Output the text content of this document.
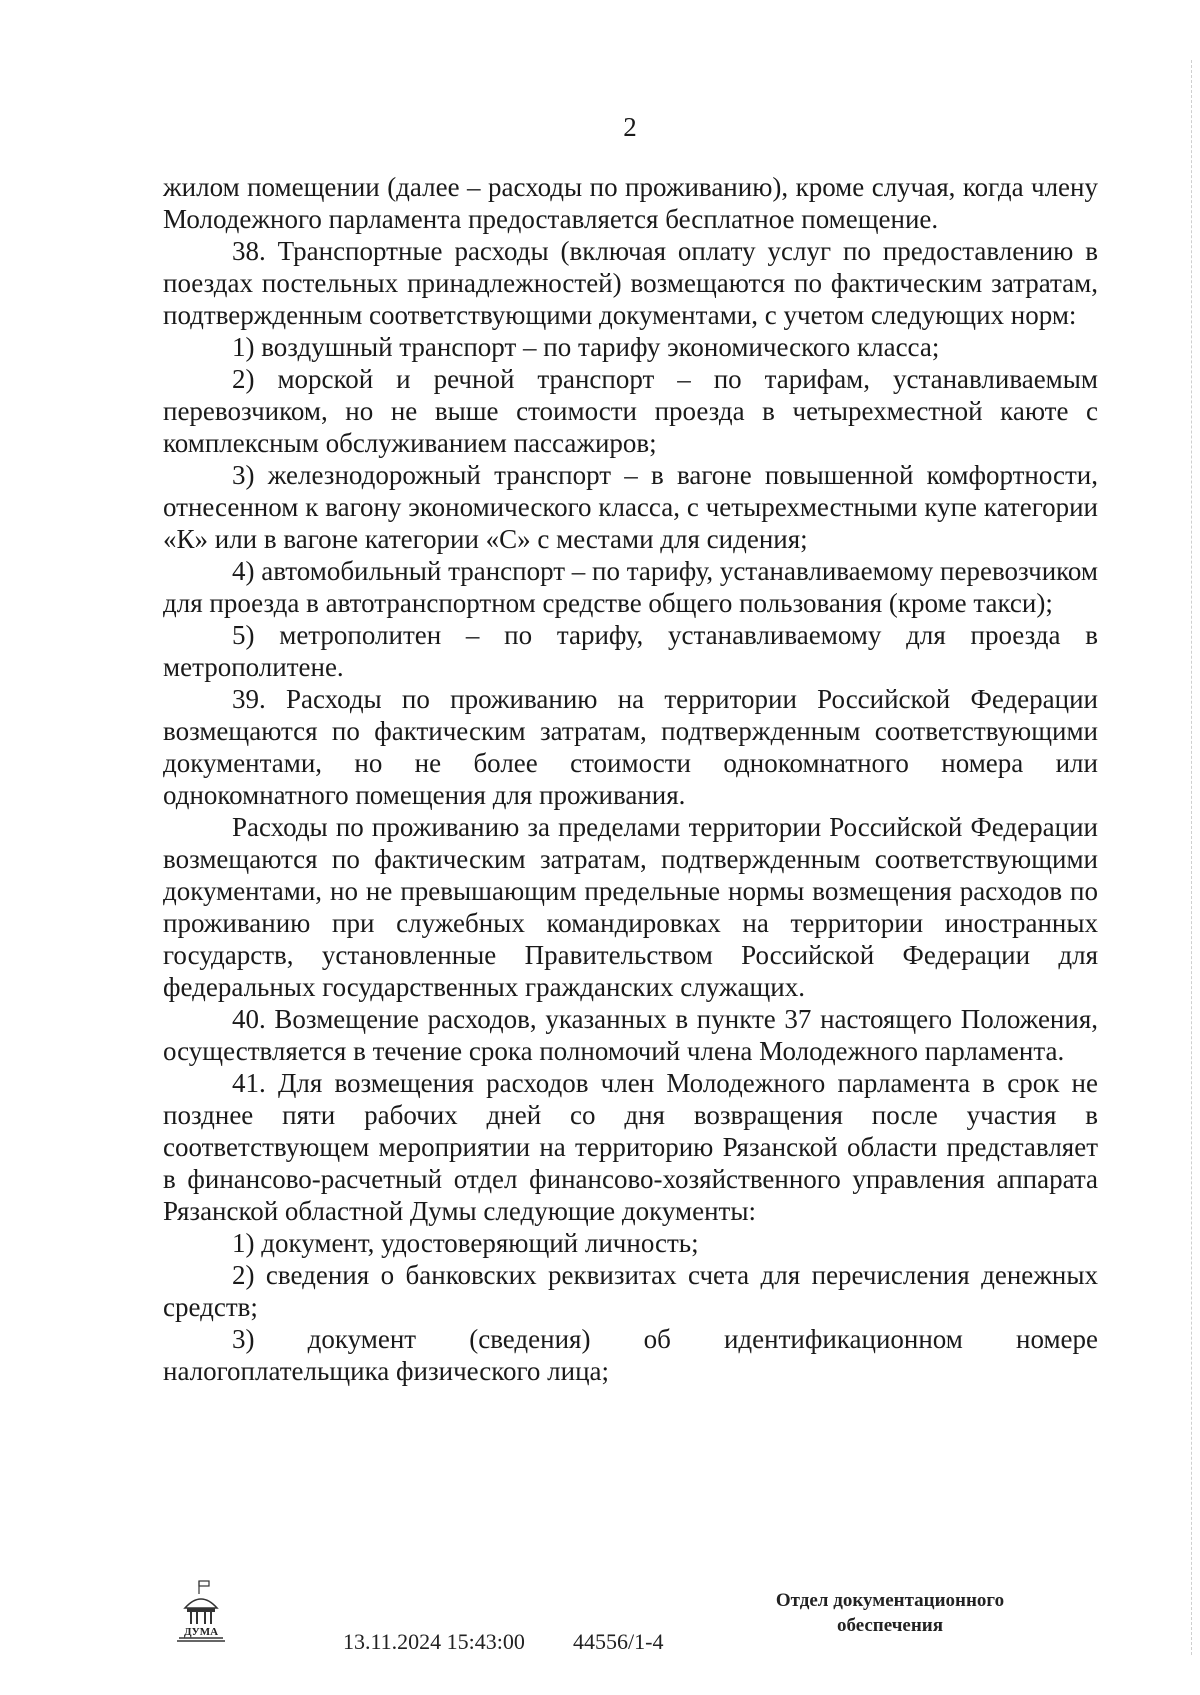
2

жилом помещении (далее – расходы по проживанию), кроме случая, когда члену Молодежного парламента предоставляется бесплатное помещение.

38. Транспортные расходы (включая оплату услуг по предоставлению в поездах постельных принадлежностей) возмещаются по фактическим затратам, подтвержденным соответствующими документами, с учетом следующих норм:

1) воздушный транспорт – по тарифу экономического класса;

2) морской и речной транспорт – по тарифам, устанавливаемым перевозчиком, но не выше стоимости проезда в четырехместной каюте с комплексным обслуживанием пассажиров;

3) железнодорожный транспорт – в вагоне повышенной комфортности, отнесенном к вагону экономического класса, с четырехместными купе категории «К» или в вагоне категории «С» с местами для сидения;

4) автомобильный транспорт – по тарифу, устанавливаемому перевозчиком для проезда в автотранспортном средстве общего пользования (кроме такси);

5) метрополитен – по тарифу, устанавливаемому для проезда в метрополитене.

39. Расходы по проживанию на территории Российской Федерации возмещаются по фактическим затратам, подтвержденным соответствующими документами, но не более стоимости однокомнатного номера или однокомнатного помещения для проживания.

Расходы по проживанию за пределами территории Российской Федерации возмещаются по фактическим затратам, подтвержденным соответствующими документами, но не превышающим предельные нормы возмещения расходов по проживанию при служебных командировках на территории иностранных государств, установленные Правительством Российской Федерации для федеральных государственных гражданских служащих.

40. Возмещение расходов, указанных в пункте 37 настоящего Положения, осуществляется в течение срока полномочий члена Молодежного парламента.

41. Для возмещения расходов член Молодежного парламента в срок не позднее пяти рабочих дней со дня возвращения после участия в соответствующем мероприятии на территорию Рязанской области представляет в финансово-расчетный отдел финансово-хозяйственного управления аппарата Рязанской областной Думы следующие документы:

1) документ, удостоверяющий личность;

2) сведения о банковских реквизитах счета для перечисления денежных средств;

3) документ (сведения) об идентификационном номере налогоплательщика физического лица;

ДУМА	13.11.2024 15:43:00 44556/1-4
Отдел документационного
обеспечения
